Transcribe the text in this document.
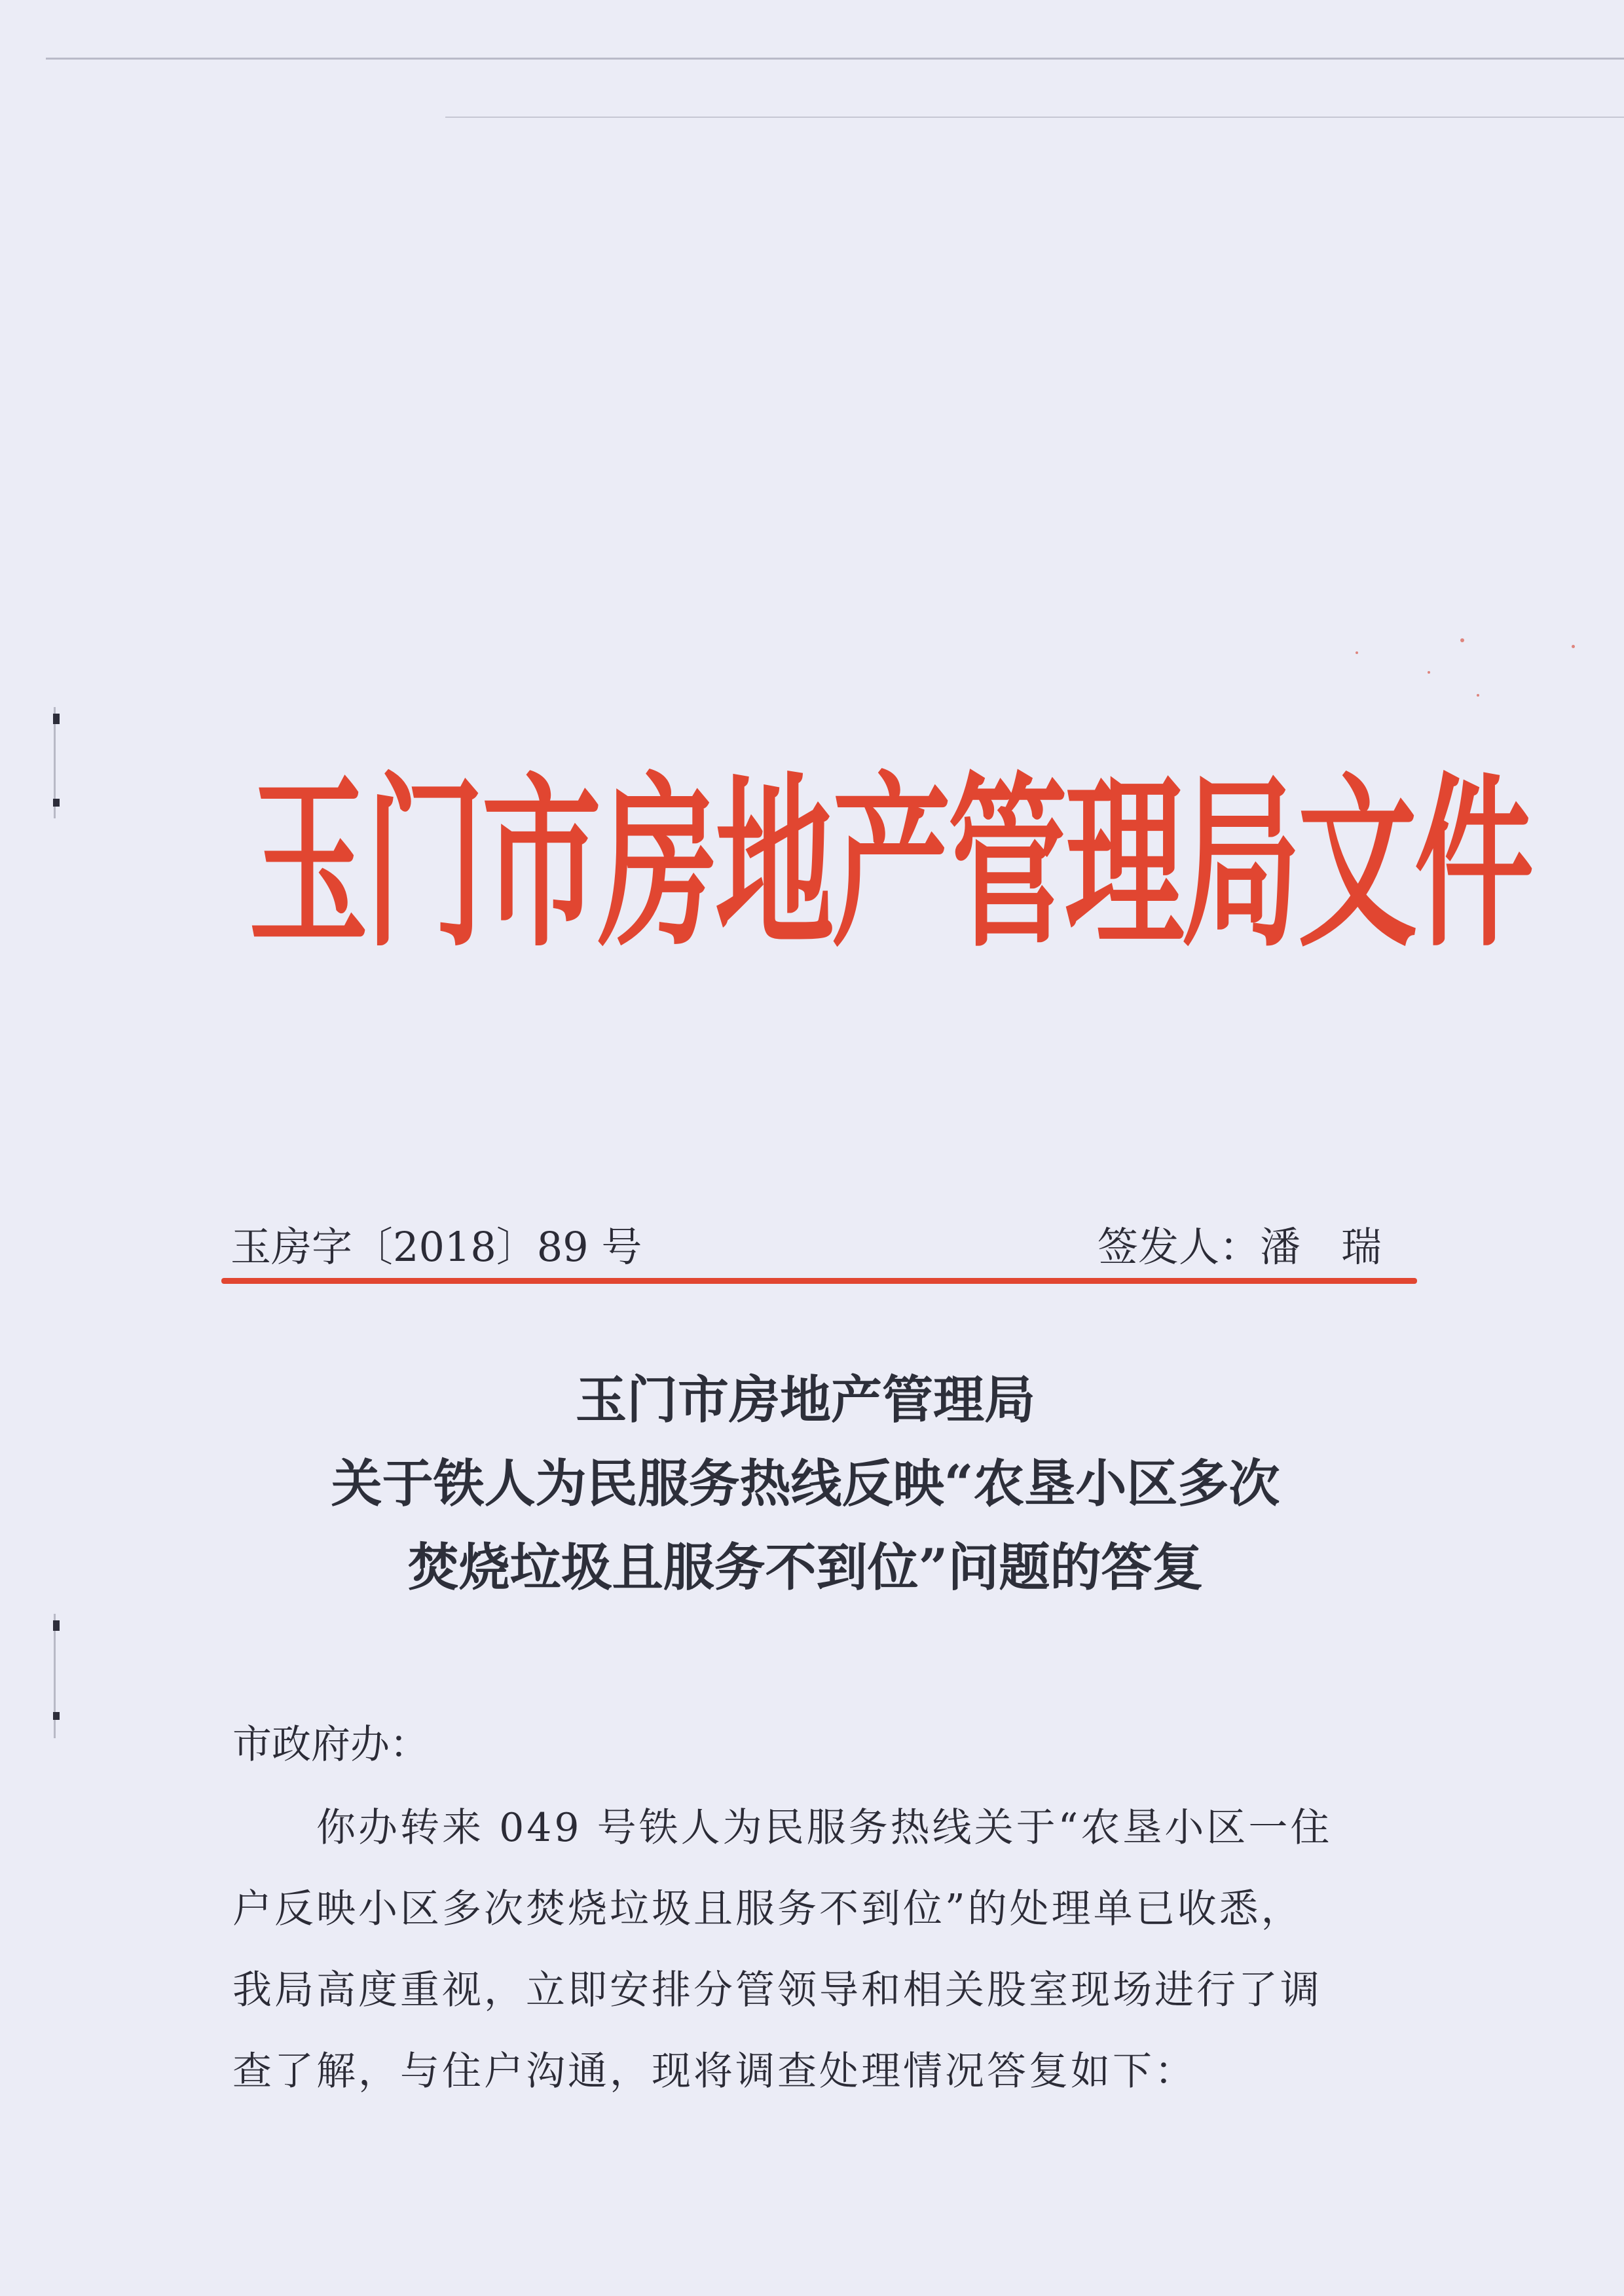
玉门市房地产管理局文件
玉房字〔2018〕89 号	签发人：潘　瑞
玉门市房地产管理局
关于铁人为民服务热线反映“农垦小区多次
焚烧垃圾且服务不到位”问题的答复
市政府办：
你办转来 049 号铁人为民服务热线关于“农垦小区一住
户反映小区多次焚烧垃圾且服务不到位”的处理单已收悉，
我局高度重视，立即安排分管领导和相关股室现场进行了调
查了解，与住户沟通，现将调查处理情况答复如下：
